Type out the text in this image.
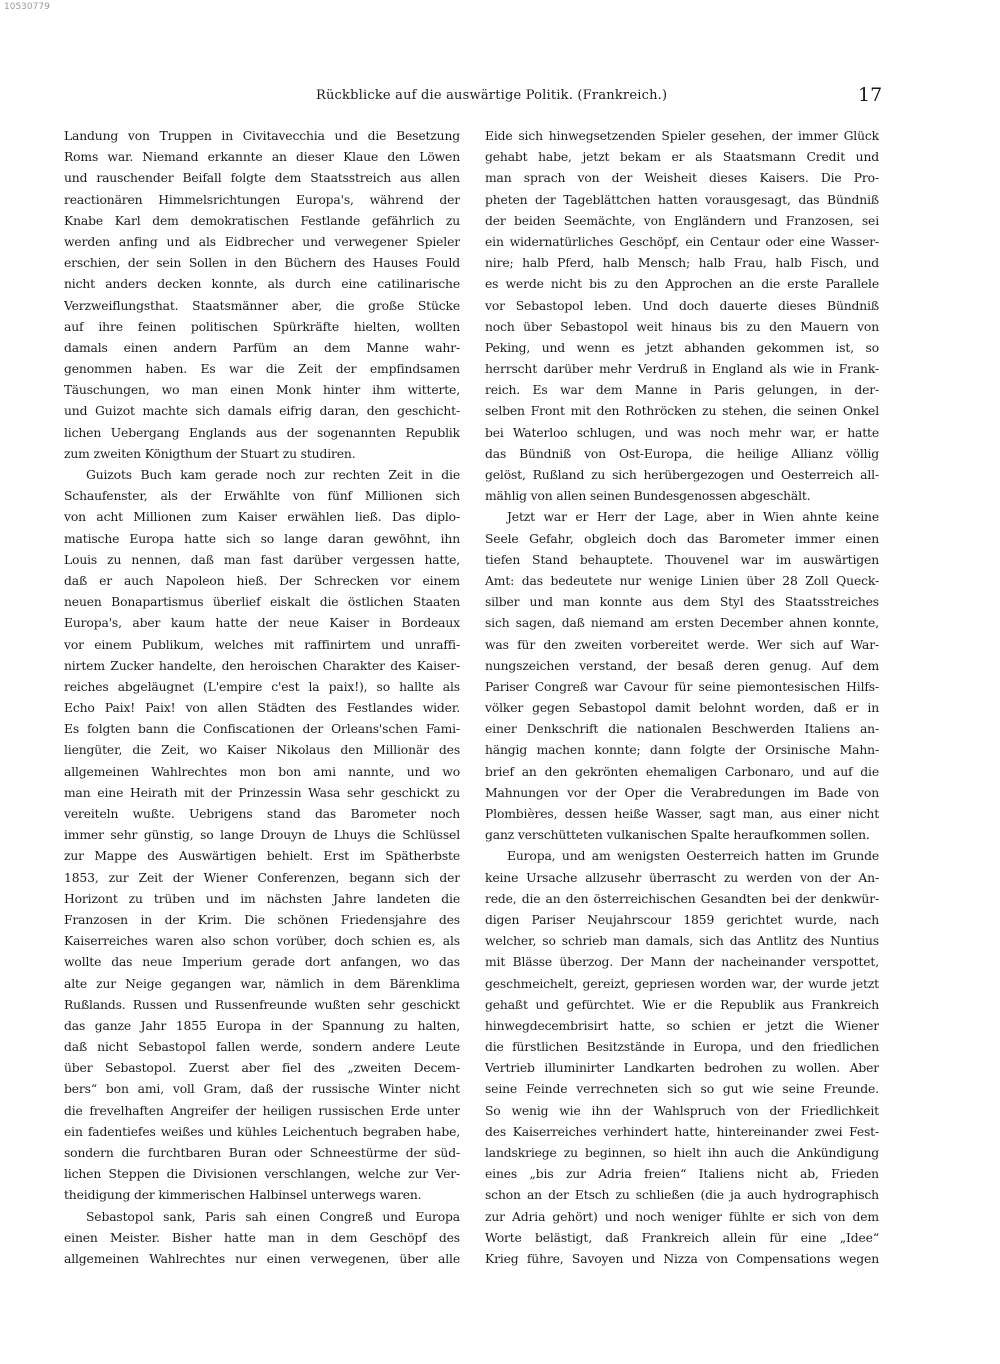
10530779
Rückblicke auf die auswärtige Politik. (Frankreich.)	17
Landung von Truppen in Civitavecchia und die Besetzung
Roms war. Niemand erkannte an dieser Klaue den Löwen
und rauschender Beifall folgte dem Staatsstreich aus allen
reactionären Himmelsrichtungen Europa's, während der
Knabe Karl dem demokratischen Festlande gefährlich zu
werden anfing und als Eidbrecher und verwegener Spieler
erschien, der sein Sollen in den Büchern des Hauses Fould
nicht anders decken konnte, als durch eine catilinarische
Verzweiflungsthat. Staatsmänner aber, die große Stücke
auf ihre feinen politischen Spürkräfte hielten, wollten
damals einen andern Parfüm an dem Manne wahr-
genommen haben. Es war die Zeit der empfindsamen
Täuschungen, wo man einen Monk hinter ihm witterte,
und Guizot machte sich damals eifrig daran, den geschicht-
lichen Uebergang Englands aus der sogenannten Republik
zum zweiten Königthum der Stuart zu studiren.
Guizots Buch kam gerade noch zur rechten Zeit in die
Schaufenster, als der Erwählte von fünf Millionen sich
von acht Millionen zum Kaiser erwählen ließ. Das diplo-
matische Europa hatte sich so lange daran gewöhnt, ihn
Louis zu nennen, daß man fast darüber vergessen hatte,
daß er auch Napoleon hieß. Der Schrecken vor einem
neuen Bonapartismus überlief eiskalt die östlichen Staaten
Europa's, aber kaum hatte der neue Kaiser in Bordeaux
vor einem Publikum, welches mit raffinirtem und unraffi-
nirtem Zucker handelte, den heroischen Charakter des Kaiser-
reiches abgeläugnet (L'empire c'est la paix!), so hallte als
Echo Paix! Paix! von allen Städten des Festlandes wider.
Es folgten bann die Confiscationen der Orleans'schen Fami-
liengüter, die Zeit, wo Kaiser Nikolaus den Millionär des
allgemeinen Wahlrechtes mon bon ami nannte, und wo
man eine Heirath mit der Prinzessin Wasa sehr geschickt zu
vereiteln wußte. Uebrigens stand das Barometer noch
immer sehr günstig, so lange Drouyn de Lhuys die Schlüssel
zur Mappe des Auswärtigen behielt. Erst im Spätherbste
1853, zur Zeit der Wiener Conferenzen, begann sich der
Horizont zu trüben und im nächsten Jahre landeten die
Franzosen in der Krim. Die schönen Friedensjahre des
Kaiserreiches waren also schon vorüber, doch schien es, als
wollte das neue Imperium gerade dort anfangen, wo das
alte zur Neige gegangen war, nämlich in dem Bärenklima
Rußlands. Russen und Russenfreunde wußten sehr geschickt
das ganze Jahr 1855 Europa in der Spannung zu halten,
daß nicht Sebastopol fallen werde, sondern andere Leute
über Sebastopol. Zuerst aber fiel des „zweiten Decem-
bers“ bon ami, voll Gram, daß der russische Winter nicht
die frevelhaften Angreifer der heiligen russischen Erde unter
ein fadentiefes weißes und kühles Leichentuch begraben habe,
sondern die furchtbaren Buran oder Schneestürme der süd-
lichen Steppen die Divisionen verschlangen, welche zur Ver-
theidigung der kimmerischen Halbinsel unterwegs waren.
Sebastopol sank, Paris sah einen Congreß und Europa
einen Meister. Bisher hatte man in dem Geschöpf des
allgemeinen Wahlrechtes nur einen verwegenen, über alle
Eide sich hinwegsetzenden Spieler gesehen, der immer Glück
gehabt habe, jetzt bekam er als Staatsmann Credit und
man sprach von der Weisheit dieses Kaisers. Die Pro-
pheten der Tageblättchen hatten vorausgesagt, das Bündniß
der beiden Seemächte, von Engländern und Franzosen, sei
ein widernatürliches Geschöpf, ein Centaur oder eine Wasser-
nire; halb Pferd, halb Mensch; halb Frau, halb Fisch, und
es werde nicht bis zu den Approchen an die erste Parallele
vor Sebastopol leben. Und doch dauerte dieses Bündniß
noch über Sebastopol weit hinaus bis zu den Mauern von
Peking, und wenn es jetzt abhanden gekommen ist, so
herrscht darüber mehr Verdruß in England als wie in Frank-
reich. Es war dem Manne in Paris gelungen, in der-
selben Front mit den Rothröcken zu stehen, die seinen Onkel
bei Waterloo schlugen, und was noch mehr war, er hatte
das Bündniß von Ost-Europa, die heilige Allianz völlig
gelöst, Rußland zu sich herübergezogen und Oesterreich all-
mählig von allen seinen Bundesgenossen abgeschält.
Jetzt war er Herr der Lage, aber in Wien ahnte keine
Seele Gefahr, obgleich doch das Barometer immer einen
tiefen Stand behauptete. Thouvenel war im auswärtigen
Amt: das bedeutete nur wenige Linien über 28 Zoll Queck-
silber und man konnte aus dem Styl des Staatsstreiches
sich sagen, daß niemand am ersten December ahnen konnte,
was für den zweiten vorbereitet werde. Wer sich auf War-
nungszeichen verstand, der besaß deren genug. Auf dem
Pariser Congreß war Cavour für seine piemontesischen Hilfs-
völker gegen Sebastopol damit belohnt worden, daß er in
einer Denkschrift die nationalen Beschwerden Italiens an-
hängig machen konnte; dann folgte der Orsinische Mahn-
brief an den gekrönten ehemaligen Carbonaro, und auf die
Mahnungen vor der Oper die Verabredungen im Bade von
Plombières, dessen heiße Wasser, sagt man, aus einer nicht
ganz verschütteten vulkanischen Spalte heraufkommen sollen.
Europa, und am wenigsten Oesterreich hatten im Grunde
keine Ursache allzusehr überrascht zu werden von der An-
rede, die an den österreichischen Gesandten bei der denkwür-
digen Pariser Neujahrscour 1859 gerichtet wurde, nach
welcher, so schrieb man damals, sich das Antlitz des Nuntius
mit Blässe überzog. Der Mann der nacheinander verspottet,
geschmeichelt, gereizt, gepriesen worden war, der wurde jetzt
gehaßt und gefürchtet. Wie er die Republik aus Frankreich
hinwegdecembrisirt hatte, so schien er jetzt die Wiener
die fürstlichen Besitzstände in Europa, und den friedlichen
Vertrieb illuminirter Landkarten bedrohen zu wollen. Aber
seine Feinde verrechneten sich so gut wie seine Freunde.
So wenig wie ihn der Wahlspruch von der Friedlichkeit
des Kaiserreiches verhindert hatte, hintereinander zwei Fest-
landskriege zu beginnen, so hielt ihn auch die Ankündigung
eines „bis zur Adria freien“ Italiens nicht ab, Frieden
schon an der Etsch zu schließen (die ja auch hydrographisch
zur Adria gehört) und noch weniger fühlte er sich von dem
Worte belästigt, daß Frankreich allein für eine „Idee“
Krieg führe, Savoyen und Nizza von Compensations wegen
